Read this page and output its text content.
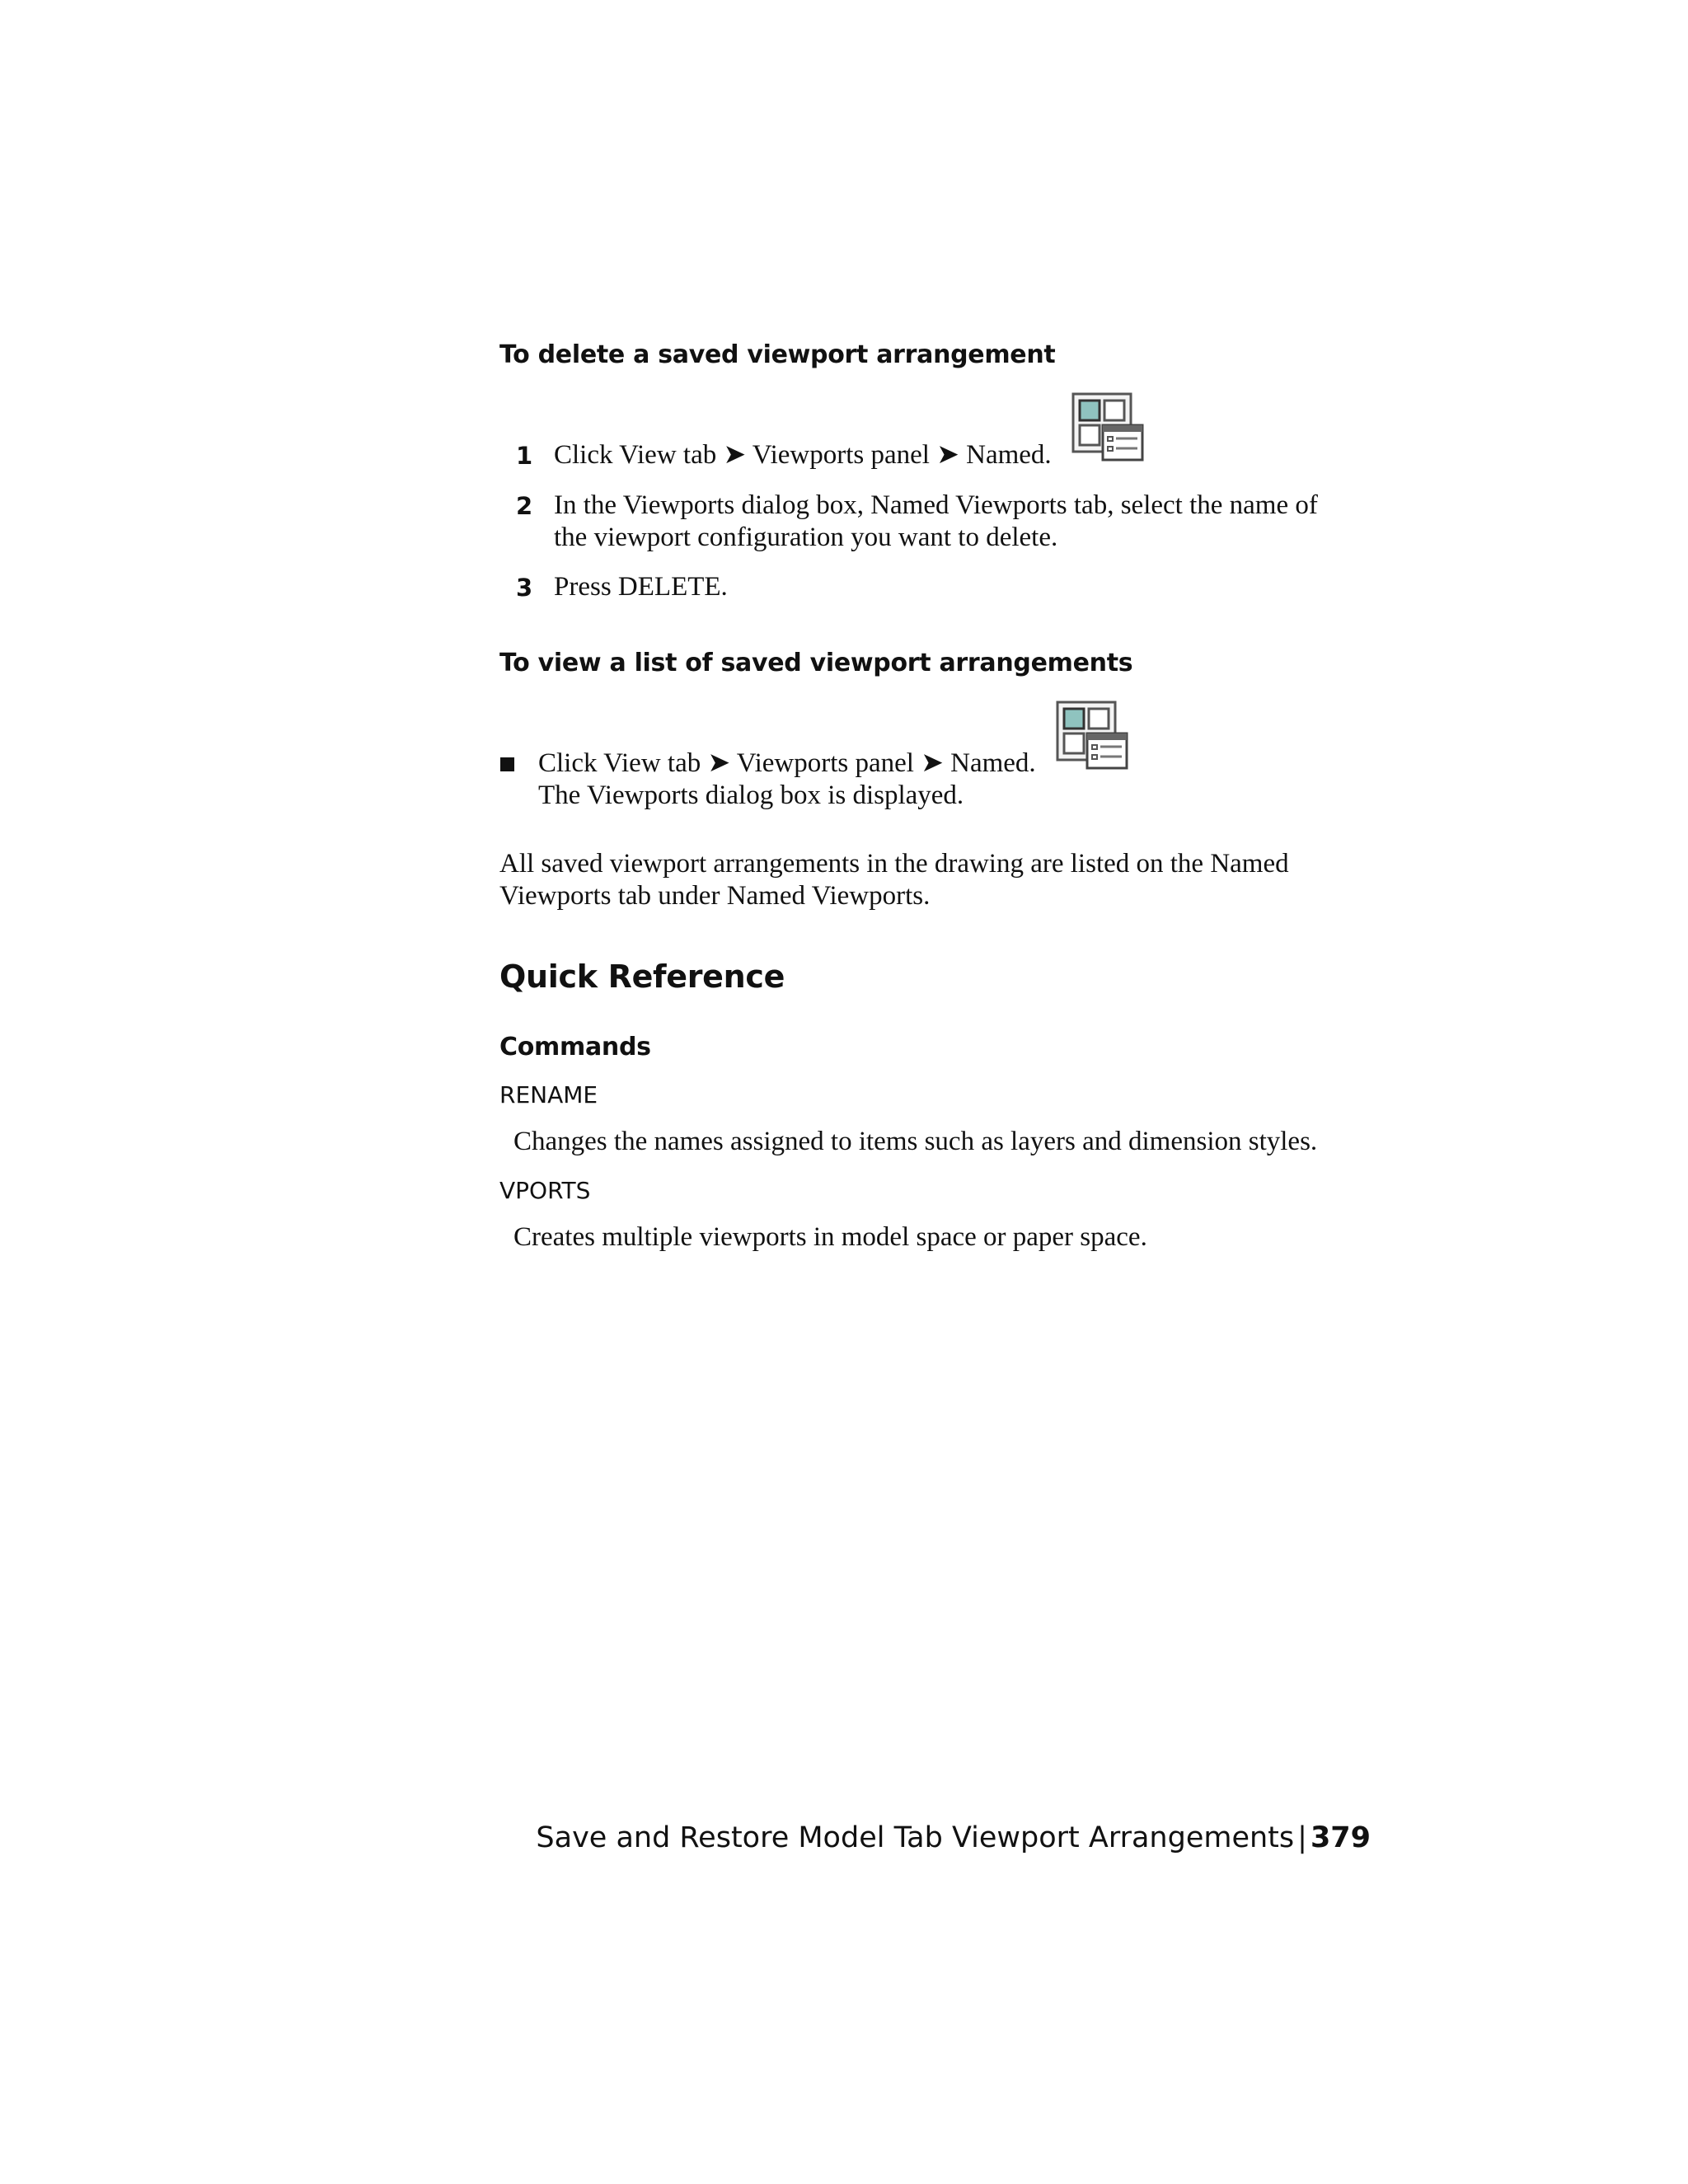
To delete a saved viewport arrangement
1 Click View tab ➤ Viewports panel ➤ Named.
2 In the Viewports dialog box, Named Viewports tab, select the name of
the viewport configuration you want to delete.
3 Press DELETE.
To view a list of saved viewport arrangements
Click View tab ➤ Viewports panel ➤ Named.
The Viewports dialog box is displayed.
All saved viewport arrangements in the drawing are listed on the Named
Viewports tab under Named Viewports.
Quick Reference
Commands
RENAME
Changes the names assigned to items such as layers and dimension styles.
VPORTS
Creates multiple viewports in model space or paper space.
Save and Restore Model Tab Viewport Arrangements | 379
